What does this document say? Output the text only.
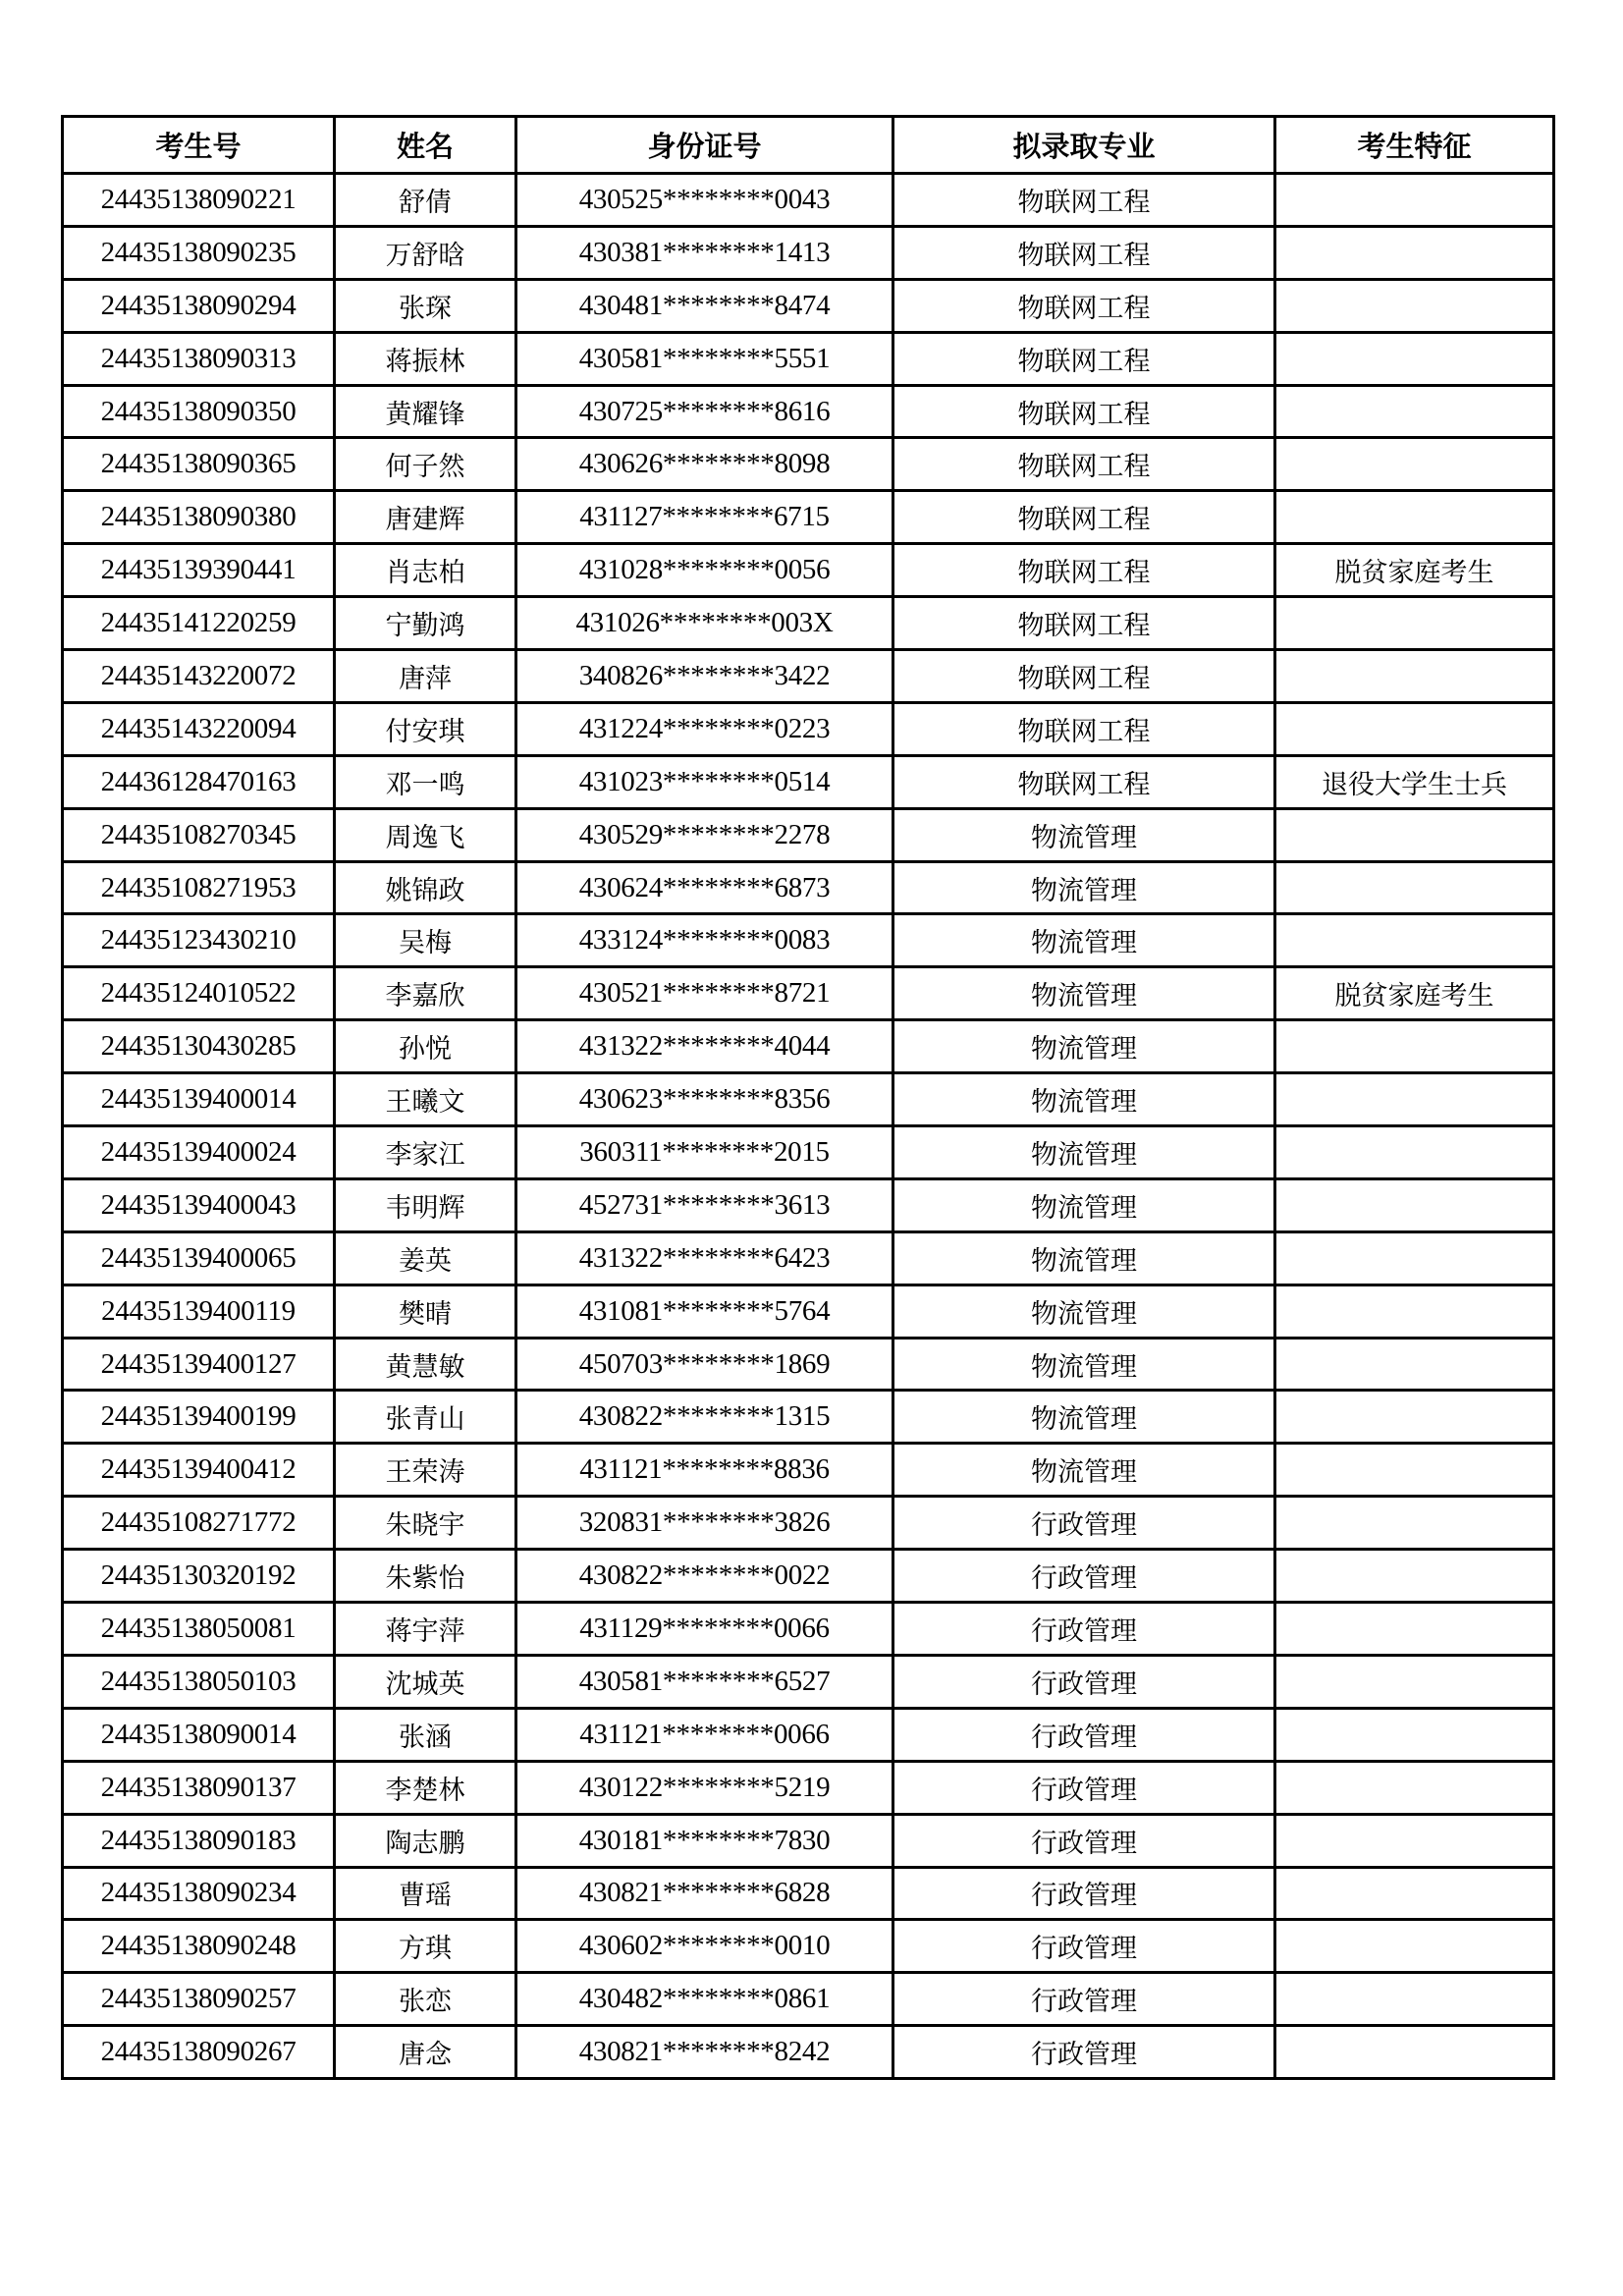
考生号	姓名	身份证号	拟录取专业	考生特征
24435138090221	舒倩	430525********0043	物联网工程	
24435138090235	万舒晗	430381********1413	物联网工程	
24435138090294	张琛	430481********8474	物联网工程	
24435138090313	蒋振林	430581********5551	物联网工程	
24435138090350	黄耀锋	430725********8616	物联网工程	
24435138090365	何子然	430626********8098	物联网工程	
24435138090380	唐建辉	431127********6715	物联网工程	
24435139390441	肖志柏	431028********0056	物联网工程	脱贫家庭考生
24435141220259	宁勤鸿	431026********003X	物联网工程	
24435143220072	唐萍	340826********3422	物联网工程	
24435143220094	付安琪	431224********0223	物联网工程	
24436128470163	邓一鸣	431023********0514	物联网工程	退役大学生士兵
24435108270345	周逸飞	430529********2278	物流管理	
24435108271953	姚锦政	430624********6873	物流管理	
24435123430210	吴梅	433124********0083	物流管理	
24435124010522	李嘉欣	430521********8721	物流管理	脱贫家庭考生
24435130430285	孙悦	431322********4044	物流管理	
24435139400014	王曦文	430623********8356	物流管理	
24435139400024	李家江	360311********2015	物流管理	
24435139400043	韦明辉	452731********3613	物流管理	
24435139400065	姜英	431322********6423	物流管理	
24435139400119	樊晴	431081********5764	物流管理	
24435139400127	黄慧敏	450703********1869	物流管理	
24435139400199	张青山	430822********1315	物流管理	
24435139400412	王荣涛	431121********8836	物流管理	
24435108271772	朱晓宇	320831********3826	行政管理	
24435130320192	朱紫怡	430822********0022	行政管理	
24435138050081	蒋宇萍	431129********0066	行政管理	
24435138050103	沈城英	430581********6527	行政管理	
24435138090014	张涵	431121********0066	行政管理	
24435138090137	李楚林	430122********5219	行政管理	
24435138090183	陶志鹏	430181********7830	行政管理	
24435138090234	曹瑶	430821********6828	行政管理	
24435138090248	方琪	430602********0010	行政管理	
24435138090257	张恋	430482********0861	行政管理	
24435138090267	唐念	430821********8242	行政管理	
